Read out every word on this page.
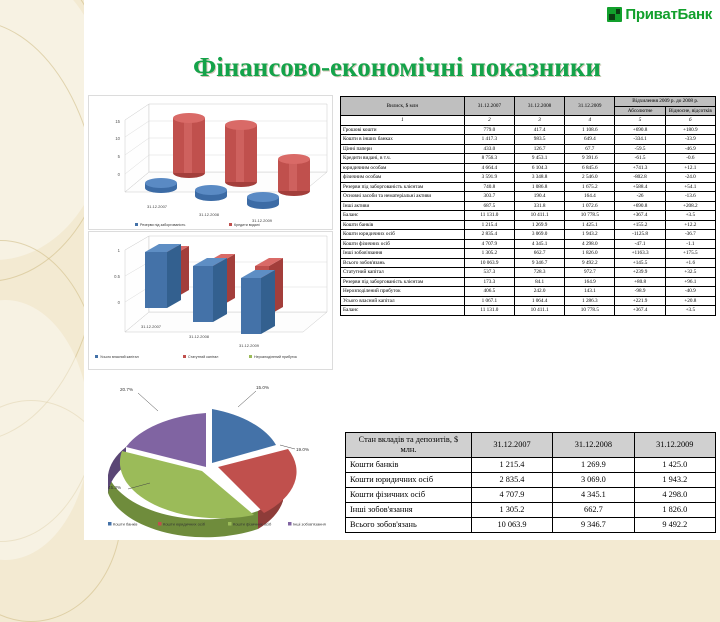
ПриватБанк
Фінансово-економічні показники
15
10
5
0
31.12.2007
31.12.2008
31.12.2009
Резерви під заборгованість	Кредити видані
1
0.5
0
31.12.2007
31.12.2008
31.12.2009
Усього власний капітал	Статутний капітал	Нерозподілений прибуток
20.7%	15.0%
19.0%
45.3%
Кошти банків	Кошти юридичних осіб	Кошти фізичних осіб	Інші зобов'язання
Вилиск, $ млн	31.12.2007	31.12.2008	31.12.2009	Відхилення 2009 р. до 2008 р.	
				Абсолютне	Відносне, відсотків

1	2	3	4	5	6
Грошові кошти	779.0	417.4	1 108.6	+690.8	+180.9
Кошти в інших банках	1 417.3	983.5	649.4	-334.1	-33.9
Цінні папери	433.0	126.7	67.7	-59.5	-46.9
Кредити видані, в т.ч.	8 756.3	9 453.1	9 391.6	-61.5	-0.6
юридичним особам	4 664.4	6 104.3	6 845.6	+741.3	+12.1
фізичним особам	3 591.9	3 348.8	2 546.0	-802.8	-24.0
Резерви під заборгованість клієнтам	740.8	1 086.8	1 675.2	+588.4	+54.1
Основні засоби та нематеріальні активи	303.7	190.4	164.4	-26	-13.6
Інші активи	687.5	331.8	1 072.6	+690.8	+208.2
Баланс	11 131.0	10 411.1	10 778.5	+367.4	+3.5
Кошти банків	1 215.4	1 269.9	1 425.1	+155.2	+12.2
Кошти юридичних осіб	2 835.4	3 069.0	1 943.2	-1125.8	-36.7
Кошти фізичних осіб	4 707.9	4 345.1	4 298.0	-47.1	-1.1
Інші зобов'язання	1 305.2	662.7	1 826.0	+1163.3	+175.5
Всього зобов'язань	10 063.9	9 346.7	9 492.2	+145.5	+1.6
Статутний капітал	537.3	728.3	972.7	+239.9	+32.5
Резерви під заборгованість клієнтам	173.3	84.1	164.9	+80.8	+96.1
Нерозподілений прибуток	406.5	242.0	143.1	-98.9	-40.9
Усього власний капітал	1 067.1	1 064.4	1 286.3	+221.9	+20.8
Баланс	11 131.0	10 411.1	10 778.5	+367.4	+3.5
Стан вкладів та депозитів, $ млн.	31.12.2007	31.12.2008	31.12.2009
Кошти банків	1 215.4	1 269.9	1 425.0
Кошти юридичних осіб	2 835.4	3 069.0	1 943.2
Кошти фізичних осіб	4 707.9	4 345.1	4 298.0
Інші зобов'язання	1 305.2	662.7	1 826.0
Всього зобов'язань	10 063.9	9 346.7	9 492.2
